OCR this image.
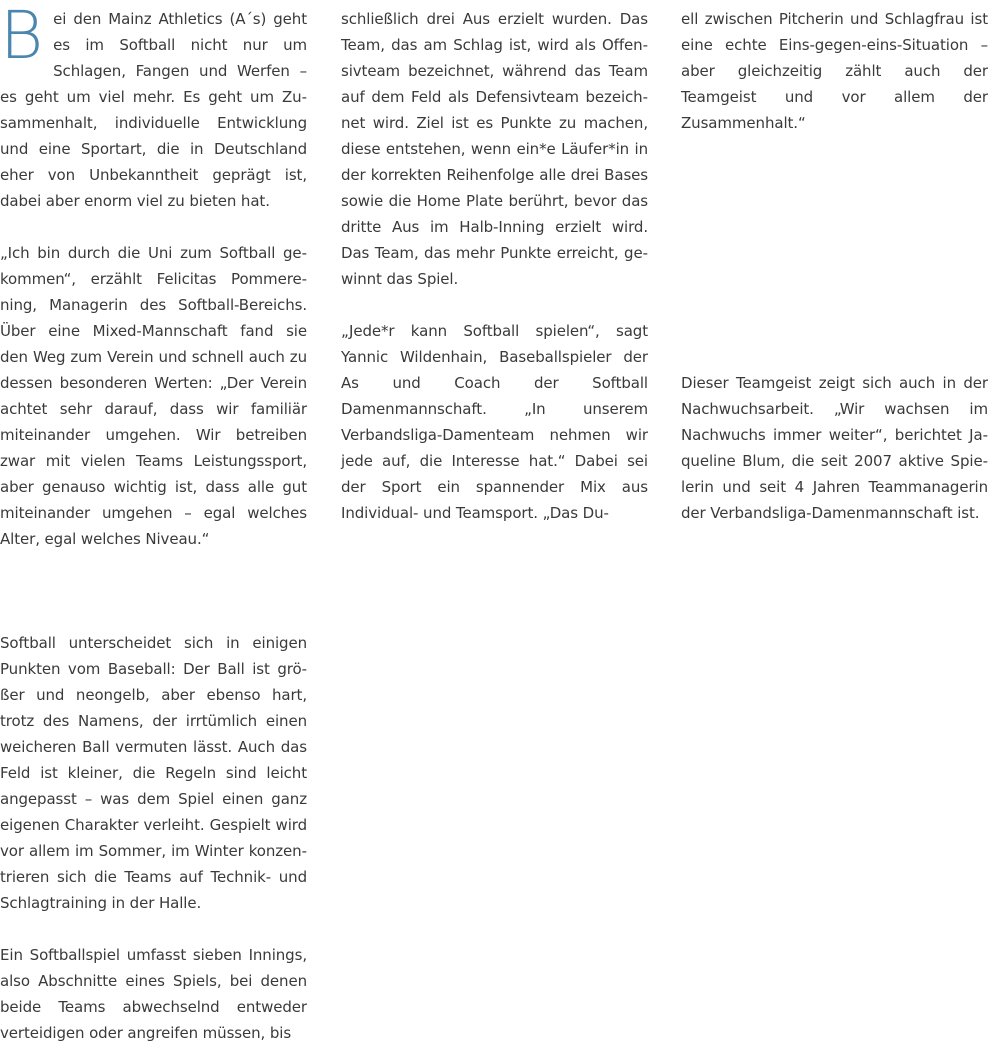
B ei den Mainz Athletics (A´s) geht es im Softball nicht nur um Schlagen, Fangen und Werfen – es geht um viel mehr. Es geht um Zusammenhalt, individuelle Entwicklung und eine Sportart, die in Deutschland eher von Unbekanntheit geprägt ist, dabei aber enorm viel zu bieten hat.

„Ich bin durch die Uni zum Softball gekommen“, erzählt Felicitas Pommerening, Managerin des Softball-Bereichs. Über eine Mixed-Mannschaft fand sie den Weg zum Verein und schnell auch zu dessen besonderen Werten: „Der Verein achtet sehr darauf, dass wir familiär miteinander umgehen. Wir betreiben zwar mit vielen Teams Leistungssport, aber genauso wichtig ist, dass alle gut miteinander umgehen – egal welches Alter, egal welches Niveau.“

Softball unterscheidet sich in einigen Punkten vom Baseball: Der Ball ist größer und neongelb, aber ebenso hart, trotz des Namens, der irrtümlich einen weicheren Ball vermuten lässt. Auch das Feld ist kleiner, die Regeln sind leicht angepasst – was dem Spiel einen ganz eigenen Charakter verleiht. Gespielt wird vor allem im Sommer, im Winter konzentrieren sich die Teams auf Technik- und Schlagtraining in der Halle.

Ein Softballspiel umfasst sieben Innings, also Abschnitte eines Spiels, bei denen beide Teams abwechselnd entweder verteidigen oder angreifen müssen, bis

schließlich drei Aus erzielt wurden. Das Team, das am Schlag ist, wird als Offensivteam bezeichnet, während das Team auf dem Feld als Defensivteam bezeichnet wird. Ziel ist es Punkte zu machen, diese entstehen, wenn ein*e Läufer*in in der korrekten Reihenfolge alle drei Bases sowie die Home Plate berührt, bevor das dritte Aus im Halb-Inning erzielt wird. Das Team, das mehr Punkte erreicht, gewinnt das Spiel.

„Jede*r kann Softball spielen“, sagt Yannic Wildenhain, Baseballspieler der As und Coach der Softball Damenmannschaft. „In unserem Verbandsliga-Damenteam nehmen wir jede auf, die Interesse hat.“ Dabei sei der Sport ein spannender Mix aus Individual- und Teamsport. „Das Du-

ell zwischen Pitcherin und Schlagfrau ist eine echte Eins-gegen-eins-Situation – aber gleichzeitig zählt auch der Teamgeist und vor allem der Zusammenhalt.“

Dieser Teamgeist zeigt sich auch in der Nachwuchsarbeit. „Wir wachsen im Nachwuchs immer weiter“, berichtet Jaqueline Blum, die seit 2007 aktive Spielerin und seit 4 Jahren Teammanagerin der Verbandsliga-Damenmannschaft ist.
